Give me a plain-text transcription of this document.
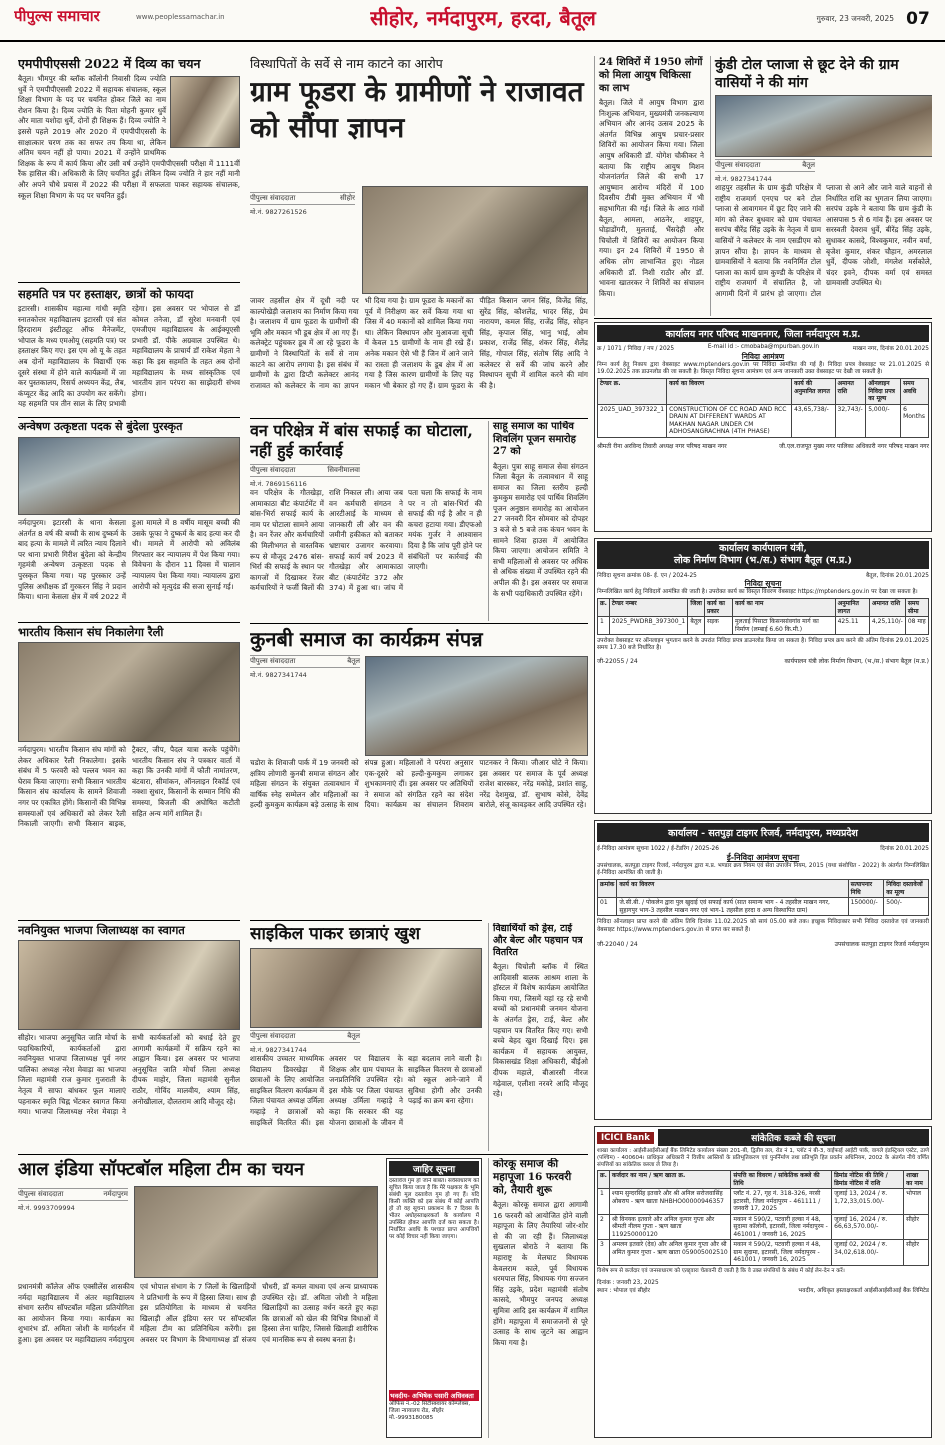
पीपुल्स समाचार	www.peoplessamachar.in	सीहोर, नर्मदापुरम, हरदा, बैतूल	गुरुवार, 23 जनवरी, 2025 07
एमपीपीएससी 2022 में दिव्य का चयन
बैतूल। भीमपुर की ब्लॉक कॉलोनी निवासी दिव्य ज्योति धुर्वे ने एमपीपीएससी 2022 में सहायक संचालक, स्कूल शिक्षा विभाग के पद पर चयनित होकर जिले का नाम रोशन किया है। दिव्य ज्योति के पिता मोहनी कुमार धुर्वे और माता यशोदा धुर्वे, दोनों ही शिक्षक हैं। दिव्य ज्योति ने इससे पहले 2019 और 2020 में एमपीपीएससी के साक्षात्कार चरण तक का सफर तय किया था, लेकिन अंतिम चयन नहीं हो पाया। 2021 में उन्होंने प्राथमिक शिक्षक के रूप में कार्य किया और उसी वर्ष उन्होंने एमपीपीएससी परीक्षा में 1111वीं रैंक हासिल की। अधिकारी के लिए चयनित हुईं। लेकिन दिव्य ज्योति ने हार नहीं मानी और अपने चौथे प्रयास में 2022 की परीक्षा में सफलता पाकर सहायक संचालक, स्कूल शिक्षा विभाग के पद पर चयनित हुईं।
सहमति पत्र पर हस्ताक्षर, छात्रों को फायदा
इटारसी। शासकीय महात्मा गांधी स्मृति स्नातकोत्तर महाविद्यालय इटारसी एवं संत हिरदाराम इंस्टीट्यूट ऑफ मैनेजमेंट, भोपाल के मध्य एमओयू (सहमति पत्र) पर हस्ताक्षर किए गए। इस एम ओ यू के तहत अब दोनों महाविद्यालय के विद्यार्थी एक दूसरे संस्था में होने वाले कार्यक्रमों में जा कर पुस्तकालय, रिसर्च अध्ययन केंद्र, लैब, कंप्यूटर केंद्र आदि का उपयोग कर सकेंगे। यह सहमति पत्र तीन साल के लिए प्रभावी रहेगा। इस अवसर पर भोपाल से डॉ कोमल तनेजा, डॉ सुरेश मनवानी एवं एमजीएम महाविद्यालय के आईक्यूएसी प्रभारी डॉ. पीके अग्रवाल उपस्थित थे। महाविद्यालय के प्राचार्य डॉ राकेश मेहता ने कहा कि इस सहमति के तहत अब दोनों महाविद्यालय के मध्य सांस्कृतिक एवं भारतीय ज्ञान परंपरा का साझेदारी संभव होगा।
अन्वेषण उत्कृष्टता पदक से बुंदेला पुरस्कृत
नर्मदापुरम। इटारसी के थाना केसला अंतर्गत 8 वर्ष की बच्ची के साथ दुष्कर्म के बाद हत्या के मामले में त्वरित न्याय दिलाने पर थाना प्रभारी गिरीश बुंदेला को केन्द्रीय गृहमंत्री अन्वेषण उत्कृष्टता पदक से पुरस्कृत किया गया। यह पुरस्कार उन्हें पुलिस अधीक्षक डॉ गुरकरन सिंह ने प्रदान किया। थाना केसला क्षेत्र में वर्ष 2022 में हुआ मामले में 8 वर्षीय मासूम बच्ची की उसके फूफा ने दुष्कर्म के बाद हत्या कर दी थी। मामले में आरोपी को अविलंब गिरफ्तार कर न्यायालय में पेश किया गया। विवेचना के दौरान 11 दिवस में चालान न्यायालय पेश किया गया। न्यायालय द्वारा आरोपी को मृत्युदंड की सजा सुनाई गई।
भारतीय किसान संघ निकालेगा रैली
नर्मदापुरम। भारतीय किसान संघ मांगों को लेकर अधिकार रैली निकालेगा। इसके संबंध में 5 फरवरी को पल्लव भवन का घेराव किया जाएगा। सभी किसान भारतीय किसान संघ कार्यालय के सामने शिवाजी नगर पर एकत्रित होंगे। किसानों की विभिन्न समस्याओं एवं अधिकारों को लेकर रैली निकाली जाएगी। सभी किसान बाइक, ट्रैक्टर, जीप, पैदल यात्रा करके पहुंचेंगे। भारतीय किसान संघ ने पत्रकार वार्ता में कहा कि उनकी मांगों में फौती नामांतरण, बंटवारा, सीमांकन, ऑनलाइन रिकॉर्ड एवं नक्शा सुधार, किसानों के सम्मान निधि की समस्या, बिजली की अघोषित कटौती सहित अन्य मांगें शामिल हैं।
नवनियुक्त भाजपा जिलाध्यक्ष का स्वागत
सीहोर। भाजपा अनुसूचित जाति मोर्चा के पदाधिकारियों, कार्यकर्ताओं द्वारा नवनियुक्त भाजपा जिलाध्यक्ष पूर्व नगर पालिका अध्यक्ष नरेश मेवाड़ा का भाजपा जिला महामंत्री राज कुमार गुजराती के नेतृत्व में साफा बांधकर फूल मालाएं पहनाकर स्मृति चिह्न भेंटकर स्वागत किया गया। भाजपा जिलाध्यक्ष नरेश मेवाड़ा ने सभी कार्यकर्ताओं को बधाई देते हुए आगामी कार्यक्रमों में सक्रिय रहने का आह्वान किया। इस अवसर पर भाजपा अनुसूचित जाति मोर्चा जिला अध्यक्ष दीपक माहोर, जिला महामंत्री सुनील राठौर, गोविंद मालवीय, श्याम सिंह, अनोखीलाल, दौलतराम आदि मौजूद रहे।
विस्थापितों के सर्वे से नाम काटने का आरोप
ग्राम फूडरा के ग्रामीणों ने राजावत को सौंपा ज्ञापन
पीपुल्स संवाददाता	सीहोर
मो.नं. 9827261526
जावर तहसील क्षेत्र में दूधी नदी पर काल्पोखेड़ी जलाशय का निर्माण किया गया है। जलाशय में ग्राम फूडरा के ग्रामीणों की भूमि और मकान भी डूब क्षेत्र में आ गए हैं। कलेक्ट्रेट पहुंचकर डूब में आ रहे फूडरा के ग्रामीणों ने विस्थापितों के सर्वे से नाम काटने का आरोप लगाया है। इस संबंध में ग्रामीणों के द्वारा डिप्टी कलेक्टर आनंद राजावत को कलेक्टर के नाम का ज्ञापन भी दिया गया है। ग्राम फूडरा के मकानों का पूर्व में निरीक्षण कर सर्वे किया गया था जिस में 40 मकानों को शामिल किया गया था। लेकिन विस्थापन और मुआवजा सूची में केवल 15 ग्रामीणों के नाम ही रखे हैं। अनेक मकान ऐसे भी हैं जिन में आने जाने का रास्ता ही जलाशय के डूब क्षेत्र में आ गया है जिस कारण ग्रामीणों के लिए यह मकान भी बेकार हो गए हैं। ग्राम फूडरा के पीड़ित किसान जगन सिंह, विजेंद्र सिंह, सुरेंद्र सिंह, कौशलेंद्र, भादर सिंह, प्रेम नारायण, कमल सिंह, राजेंद्र सिंह, सोहन सिंह, कृपाल सिंह, भानु भाई, ओम प्रकाश, राजेंद्र सिंह, शंकर सिंह, शैलेंद्र सिंह, गोपाल सिंह, संतोष सिंह आदि ने कलेक्टर से सर्वे की जांच करने और विस्थापन सूची में शामिल करने की मांग की है।
वन परिक्षेत्र में बांस सफाई का घोटाला, नहीं हुई कार्रवाई
पीपुल्स संवाददाता	सिवनीमालवा
मो.नं. 7869156116
वन परिक्षेत्र के गौतखेड़ा, आमाकाठा बीट कंपार्टमेंट में बांस-भिर्रा सफाई कार्य के नाम पर घोटाला सामने आया है। वन रेंजर और कर्मचारियों की मिलीभगत से वास्तविक रूप से मौजूद 2476 बांस-भिर्रा की सफाई के स्थान पर कागजों में दिखाकर रेंजर कर्मचारियों ने फर्जी बिलों की राशि निकाल ली। आया जब वन कर्मचारी संगठन ने आरटीआई के माध्यम से जानकारी ली और वन की जमीनी हकीकत को बताकर भ्रष्टाचार उजागर करवाया। सफाई कार्य वर्ष 2023 में गौतखेड़ा और आमाकाठा बीट (कंपार्टमेंट 372 और 374) में हुआ था। जांच में पता चला कि सफाई के नाम पर न तो बांस-भिर्रा की सफाई की गई है और न ही कचरा हटाया गया। डीएफओ मयंक गुर्जर ने आश्वासन दिया है कि जांच पूरी होने पर संबंधितों पर कार्रवाई की जाएगी।
साहू समाज का पार्थिव शिवलिंग पूजन समारोह 27 को
बैतूल। पुत्रा साहू समाज सेवा संगठन जिला बैतूल के तत्वावधान में साहू समाज का जिला स्तरीय हल्दी कुमकुम समारोह एवं पार्थिव शिवलिंग पूजन अनुष्ठान समारोह का आयोजन 27 जनवरी दिन सोमवार को दोपहर 3 बजे से 5 बजे तक कंचन भवन के सामने शिवा हाउस में आयोजित किया जाएगा। आयोजन समिति ने सभी महिलाओं से अवसर पर अधिक से अधिक संख्या में उपस्थित रहने की अपील की है। इस अवसर पर समाज के सभी पदाधिकारी उपस्थित रहेंगे।
कुनबी समाज का कार्यक्रम संपन्न
पीपुल्स संवाददाता	बैतूल
मो.नं. 9827341744
चडोरा के शिवाजी पार्क में 19 जनवरी को क्षत्रिय लोणारी कुनबी समाज संगठन और महिला संगठन के संयुक्त तत्वावधान में वार्षिक स्नेह सम्मेलन और महिलाओं का हल्दी कुमकुम कार्यक्रम बड़े उत्साह के साथ संपन्न हुआ। महिलाओं ने परंपरा अनुसार एक-दूसरे को हल्दी-कुमकुम लगाकर शुभकामनाएं दीं। इस अवसर पर अतिथियों ने समाज को संगठित रहने का संदेश दिया। कार्यक्रम का संचालन शिवराम पाटनकर ने किया। जीआर घोटे ने किया। इस अवसर पर समाज के पूर्व अध्यक्ष राजेश बारस्कर, नरेंद्र मकोड़े, प्रशांत साहू, नरेंद्र देशमुख, डॉ. सुभाष कोसे, देवेंद्र बारोले, संजू कावड़कर आदि उपस्थित रहे।
साइकिल पाकर छात्राएं खुश
पीपुल्स संवाददाता	बैतूल
मो.नं. 9827341744
शासकीय उच्चतर माध्यमिक विद्यालय डिवरखेड़ा में छात्राओं के लिए आयोजित साइकिल वितरण कार्यक्रम में जिला पंचायत अध्यक्ष उर्मिला गव्हाड़े ने छात्राओं को साइकिलें वितरित कीं। इस अवसर पर विद्यालय के शिक्षक और ग्राम पंचायत के जनप्रतिनिधि उपस्थित रहे। इस मौके पर जिला पंचायत अध्यक्ष उर्मिला गव्हाड़े ने कहा कि सरकार की यह योजना छात्राओं के जीवन में बड़ा बदलाव लाने वाली है। साइकिल वितरण से छात्राओं को स्कूल आने-जाने में सुविधा होगी और उनकी पढ़ाई का क्रम बना रहेगा।
विद्यार्थियों को ड्रेस, टाई और बेल्ट और पहचान पत्र वितरित
बैतूल। चिचोली ब्लॉक में स्थित आदिवासी बालक आश्रम शाला के हॉस्टल में विशेष कार्यक्रम आयोजित किया गया, जिसमें यहां रह रहे सभी बच्चों को प्रधानमंत्री जनमन योजना के अंतर्गत ड्रेस, टाई, बेल्ट और पहचान पत्र वितरित किए गए। सभी बच्चे बेहद खुश दिखाई दिए। इस कार्यक्रम में सहायक आयुक्त, विकासखंड शिक्षा अधिकारी, बीईओ दीपक महाले, बीआरसी नीरज गढ़ेवाल, एलीशा नरवरे आदि मौजूद रहे।
आल इंडिया सॉफ्टबॉल महिला टीम का चयन
पीपुल्स संवाददाता	नर्मदापुरम
मो.नं. 9993709994
प्रधानमंत्री कॉलेज ऑफ एक्सीलेंस शासकीय नर्मदा महाविद्यालय में अंतर महाविद्यालय संभाग स्तरीय सॉफ्टबॉल महिला प्रतियोगिता का आयोजन किया गया। कार्यक्रम का शुभारंभ डॉ. अमिता जोशी के मार्गदर्शन में हुआ। इस अवसर पर महाविद्यालय नर्मदापुरम एवं भोपाल संभाग के 7 जिलों के खिलाड़ियों ने प्रतिभागी के रूप में हिस्सा लिया। साथ ही इस प्रतियोगिता के माध्यम से चयनित खिलाड़ी ऑल इंडिया स्तर पर सॉफ्टबॉल महिला टीम का प्रतिनिधित्व करेंगी। इस अवसर पर विभाग के विभागाध्यक्ष डॉ संजय चौधरी, डॉ कमल वाधवा एवं अन्य प्राध्यापक उपस्थित रहे। डॉ. अमिता जोशी ने महिला खिलाड़ियों का उत्साह वर्धन करते हुए कहा कि छात्राओं को खेल की विभिन्न विधाओं में हिस्सा लेना चाहिए, जिससे खिलाड़ी शारीरिक एवं मानसिक रूप से स्वस्थ बनता है।
जाहिर सूचना
दस्तावेज गुम हो जाने बाबत। सर्वसाधारण को सूचित किया जाता है कि मेरे पक्षकार के भूमि संबंधी मूल दस्तावेज गुम हो गए हैं। यदि किसी व्यक्ति को इस संबंध में कोई आपत्ति हो तो वह सूचना प्रकाशन के 7 दिवस के भीतर अधोहस्ताक्षरकर्ता के कार्यालय में उपस्थित होकर आपत्ति दर्ज करा सकता है। निर्धारित अवधि के पश्चात प्राप्त आपत्तियों पर कोई विचार नहीं किया जाएगा।
भवदीय- अभिषेक पसारी अधिवक्ता
ऑफिस नं.-02 सिटीस्क्वायर कॉम्प्लेक्स, जिला न्यायालय रोड, सीहोर मो.-9993180085
कोरकू समाज की महापूजा 16 फरवरी को, तैयारी शुरू
बैतूल। कोरकू समाज द्वारा आगामी 16 फरवरी को आयोजित होने वाली महापूजा के लिए तैयारियां जोर-शोर से की जा रही हैं। जिलाध्यक्ष सुखलाल बोराठे ने बताया कि महाराष्ट्र के मेलघाट विधायक केवलराम काले, पूर्व विधायक धरमपाल सिंह, विधायक गंगा सज्जन सिंह उइके, प्रदेश महामंत्री संतोष कासदे, भीमपुर जनपद अध्यक्ष सुमित्रा आदि इस कार्यक्रम में शामिल होंगे। महापूजा में समाजजनों से पूरे उत्साह के साथ जुटने का आह्वान किया गया है।
24 शिविरों में 1950 लोगों को मिला आयुष चिकित्सा का लाभ
बैतूल। जिले में आयुष विभाग द्वारा निःशुल्क अभियान, मुख्यमंत्री जनकल्याण अभियान और आनंद उत्सव 2025 के अंतर्गत विभिन्न आयुष प्रचार-प्रसार शिविरों का आयोजन किया गया। जिला आयुष अधिकारी डॉ. योगेश चौकीकर ने बताया कि राष्ट्रीय आयुष मिशन योजनांतर्गत जिले की सभी 17 आयुष्मान आरोग्य मंदिरों में 100 दिवसीय टीबी मुक्त अभियान में भी सहभागिता की गई। जिले के आठ गांवों बैतूल, आमला, आठनेर, शाहपुर, घोड़ाडोंगरी, मुलताई, भैंसदेही और चिचोली में शिविरों का आयोजन किया गया। इन 24 शिविरों में 1950 से अधिक लोग लाभान्वित हुए। नोडल अधिकारी डॉ. निशी राठौर और डॉ. भावना खातरकर ने शिविरों का संचालन किया।
कुंडी टोल प्लाजा से छूट देने की ग्राम वासियों ने की मांग
पीपुल्स संवाददाता	बैतूल
मो.नं. 9827341744
शाहपुर तहसील के ग्राम कुंडी परिक्षेत्र में राष्ट्रीय राजमार्ग एनएच पर बने टोल प्लाजा से आवागमन में छूट दिए जाने की मांग को लेकर बुधवार को ग्राम पंचायत सरपंच बीरेंद्र सिंह उइके के नेतृत्व में ग्राम वासियों ने कलेक्टर के नाम एसडीएम को ज्ञापन सौंपा है। ज्ञापन के माध्यम से ग्रामवासियों ने बताया कि नवनिर्मित टोल प्लाजा का कार्य ग्राम कुण्डी के परिक्षेत्र में राष्ट्रीय राजमार्ग में संचालित है, जो आगामी दिनों में प्रारंभ हो जाएगा। टोल प्लाजा से आने और जाने वाले वाहनों से निर्धारित राशि का भुगतान लिया जाएगा। सरपंच उइके ने बताया कि ग्राम कुंडी के आसपास 5 से 6 गांव हैं। इस अवसर पर सरस्वती देवराव धुर्वे, बीरेंद्र सिंह उइके, सुधाकर कासदे, विश्वकुमार, नवीन वर्मा, बृजेश कुमार, शंकर चौहान, अमरलाल धुर्वे, दीपक जोशी, मंगलेश मर्सकोले, चंदर इवने, दीपक वर्मा एवं समस्त ग्रामवासी उपस्थित थे।
कार्यालय नगर परिषद माखननगर, जिला नर्मदापुरम म.प्र.
क्र / 1071 / निविदा / नप / 2025	E-mail id :- cmobaba@mpurban.gov.in	माखन नगर, दिनांक 20.01.2025
निविदा आमंत्रण
निम्न कार्य हेतु निकाय द्वारा वेबसाइट www.mptenders.gov.in पर निविदा आमंत्रित की गई हैं। निविदा प्रपत्र वेबसाइट पर 21.01.2025 से 19.02.2025 तक डाउनलोड की जा सकती है। विस्तृत निविदा सूचना आमंत्रण एवं अन्य जानकारी उक्त वेबसाइट पर देखी जा सकती है।
टेण्डर क्र.	कार्य का विवरण	कार्य की अनुमानित लागत	अमानत राशि	ऑनलाइन निविदा प्रपत्र का मूल्य	समय अवधि
2025_UAD_397322_1	CONSTRUCTION OF CC ROAD AND RCC DRAIN AT DIFFERENT WARDS AT MAKHAN NAGAR UNDER CM ADHOSANGRACHNA (4TH PHASE)	43,65,738/-	32,743/-	5,000/-	6 Months
श्रीमती रीना अरविन्द तिवारी अध्यक्ष नगर परिषद माखन नगर	जी.एल.राजपूत मुख्य नगर पालिका अधिकारी नगर परिषद माखन नगर
कार्यालय कार्यपालन यंत्री,
लोक निर्माण विभाग (भ./स.) संभाग बैतूल (म.प्र.)
निविदा सूचना क्रमांक 08- ई. एन / 2024-25	बैतूल, दिनांक 20.01.2025
निविदा सूचना
निम्नलिखित कार्य हेतु निविदायें आमंत्रित की जाती है। उपरोक्त कार्य का विस्तृत विवरण वेबसाइट https://mptenders.gov.in पर देखा जा सकता है।
क्र.	टेण्डर नम्बर	जिला	कार्य का प्रकार	कार्य का नाम	अनुमानित लागत	अमानत राशि	समय सीमा
1	2025_PWDRB_397300_1	बैतूल	सड़क	मुलताई पिसाटा किसनसांवगांव मार्ग का निर्माण (लम्बाई 6.60 कि.मी.)	425.11	4,25,110/-	08 माह
उपरोक्त वेबसाइट पर ऑनलाइन भुगतान करने के उपरांत निविदा प्रपत्र डाउनलोड किया जा सकता है। निविदा प्रपत्र क्रय करने की अंतिम दिनांक 29.01.2025 समय 17.30 बजे निर्धारित है।
जी-22055 / 24	कार्यपालन यंत्री लोक निर्माण विभाग, (भ./स.) संभाग बैतूल (म.प्र.)
कार्यालय - सतपुड़ा टाइगर रिजर्व, नर्मदापुरम, मध्यप्रदेश
ई-निविदा आमंत्रण सूचना 1022 / ई-टेंडरिंग / 2025-26	दिनांक 20.01.2025
ई-निविदा आमंत्रण सूचना
उपसंचालक, सतपुड़ा टाइगर रिजर्व, नर्मदापुरम द्वारा म.प्र. भण्डार क्रय नियम एवं सेवा उपार्जन नियम, 2015 (यथा संशोधित - 2022) के अंतर्गत निम्नलिखित ई-निविदा आमंत्रित की जाती है।
क्रमांक	कार्य का विवरण	सत्यापनार निधि	निविदा दस्तावेजों का मूल्य
01	जे.सी.बी. / पोकलेन द्वारा पुल खुदाई एवं सफाई कार्य (सात समान्य भाग - 4 तहसील माखन नगर, सुहागपुर भाग-3 तहसील माखन नगर एवं भाग-1 तहसील हरदा व अन्य विस्थापित ग्राम)	150000/-	500/-
निविदा ऑनलाइन प्राप्त करने की अंतिम तिथि दिनांक 11.02.2025 को सायं 05.00 बजे तक। इच्छुक निविदाकार सभी निविदा दस्तावेज एवं जानकारी वेबसाइट https://www.mptenders.gov.in से प्राप्त कर सकते हैं।
जी-22040 / 24	उपसंचालक सतपुड़ा टाइगर रिजर्व नर्मदापुरम
ICICI Bank	सांकेतिक कब्जे की सूचना
शाखा कार्यालय : आईसीआईसीआई बैंक लिमिटेड कार्यालय संख्या 201-बी, द्वितीय तल, रोड नं 1, प्लॉट नं बी-3, वाईफाई आईटी पार्क, वागले इंडस्ट्रियल एस्टेट, ठाणे (पश्चिम) - 400604। प्राधिकृत अधिकारी ने वित्तीय आस्तियों के प्रतिभूतिकरण एवं पुनर्निर्माण तथा प्रतिभूति हित प्रवर्तन अधिनियम, 2002 के अंतर्गत नीचे वर्णित संपत्तियों का सांकेतिक कब्जा ले लिया है।
क्र.	कर्जदार का नाम / ऋण खाता क्र.	संपत्ति का विवरण / सांकेतिक कब्जे की तिथि	डिमांड नोटिस की तिथि / डिमांड नोटिस में राशि	शाखा का नाम
1	श्याम सुन्दरसिंह इतवारे और श्री अनिल सरोजवासिंह ओबराय - ऋण खाता NHBHO00000946357	प्लॉट नं. 27, गृह नं. 318-326, नरसी इटारसी, जिला नर्मदापुरम - 461111 / जनवरी 17, 2025	जुलाई 13, 2024 / रु. 1,72,33,015.00/-	भोपाल
2	श्री विनयक इतवारे और अनिल कुमार गुप्ता और श्रीमती नीलम गुप्ता - ऋण खाता 119250000120	मकान नं 590/2, पटवारी हल्का नं 48, सुदामा कॉलोनी, इटारसी, जिला नर्मदापुरम - 461001 / जनवरी 16, 2025	जुलाई 16, 2024 / रु. 66,63,570.00/-	सीहोर
3	अमलन इतवारे (देव) और अनिल कुमार गुप्ता और श्री अमित कुमार गुप्ता - ऋण खाता 059005002510	मकान नं 590/2, पटवारी हल्का नं 48, ग्राम सुदामा, इटारसी, जिला नर्मदापुरम - 461001 / जनवरी 16, 2025	जुलाई 02, 2024 / रु. 34,02,618.00/-	सीहोर
विशेष रूप से कर्जदार एवं जनसाधारण को एतद्द्वारा चेतावनी दी जाती है कि वे उक्त संपत्तियों के संबंध में कोई लेन-देन न करें।
दिनांक : जनवरी 23, 2025
स्थान : भोपाल एवं सीहोर	भवदीय, अधिकृत हस्ताक्षरकर्ता आईसीआईसीआई बैंक लिमिटेड
